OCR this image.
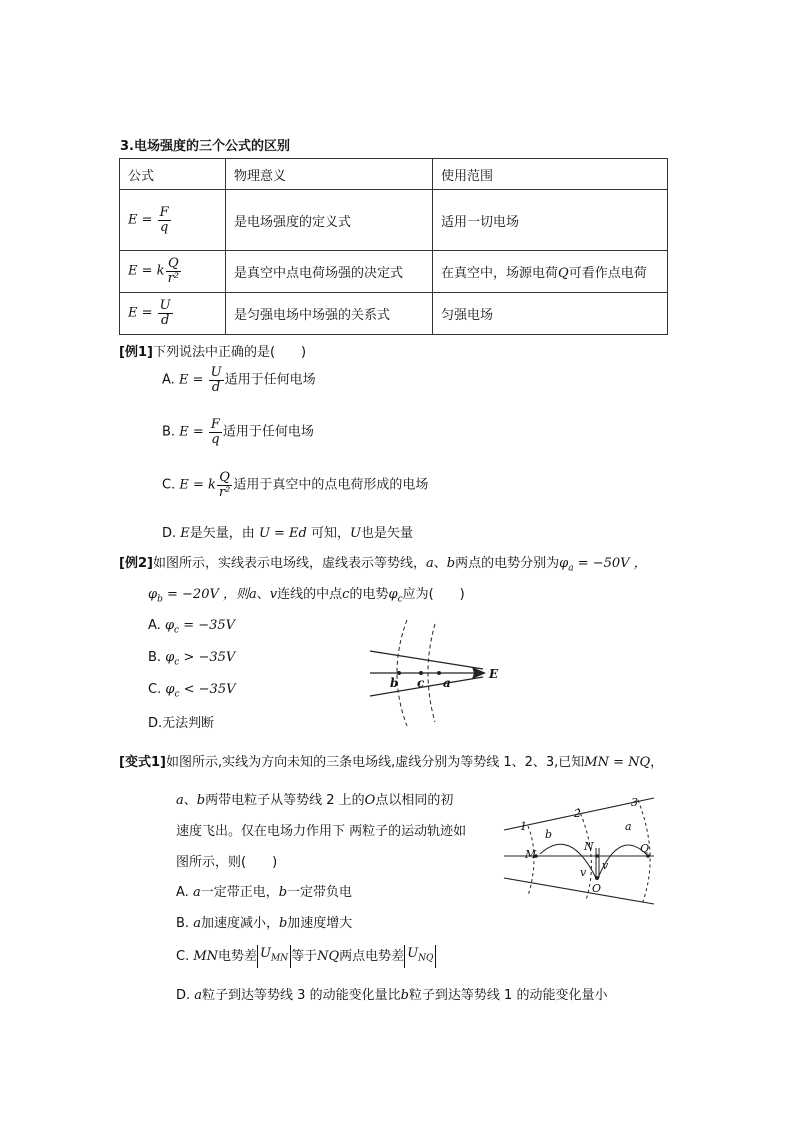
3.电场强度的三个公式的区别
公式	物理意义	使用范围
$E = \frac{F}{q}$	是电场强度的定义式	适用一切电场
E = k $\frac{Q}{\text{r²}}$	是真空中点电荷场强的决定式	在真空中，场源电荷Q可看作点电荷
$E = \frac{U}{d}$	是匀强电场中场强的关系式	匀强电场
[例1]下列说法中正确的是(　　)
A. $E = \frac{U}{d}$ 适用于任何电场
B. $E = \frac{F}{q}$ 适用于任何电场
C. E = k $\frac{Q}{\text{r²}}$ 适用于真空中的点电荷形成的电场
D. E是矢量，由 U = Ed 可知，U也是矢量
[例2]如图所示，实线表示电场线，虚线表示等势线，a、b两点的电势分别为$\varphi_a = -50V$ ，
$\varphi_b = -20V$ ，则a、v连线的中点c的电势$\varphi_c$应为(　　)
A. $\varphi_c = -35V$
B. $\varphi_c > -35V$
C. $\varphi_c < -35V$
D.无法判断
E
b c a
[变式1]如图所示,实线为方向未知的三条电场线,虚线分别为等势线 1、2、3,已知MN = NQ，
a、b两带电粒子从等势线 2 上的O点以相同的初
速度飞出。仅在电场力作用下 两粒子的运动轨迹如
图所示，则(　　)
A. a一定带正电，b一定带负电
B. a加速度减小，b加速度增大
C. MN电势差 $U_{MN}$ 等于NQ两点电势差 $U_{NQ}$
D. a粒子到达等势线 3 的动能变化量比b粒子到达等势线 1 的动能变化量小
1
2
3
a
b
M
N	Q
O
v
v
